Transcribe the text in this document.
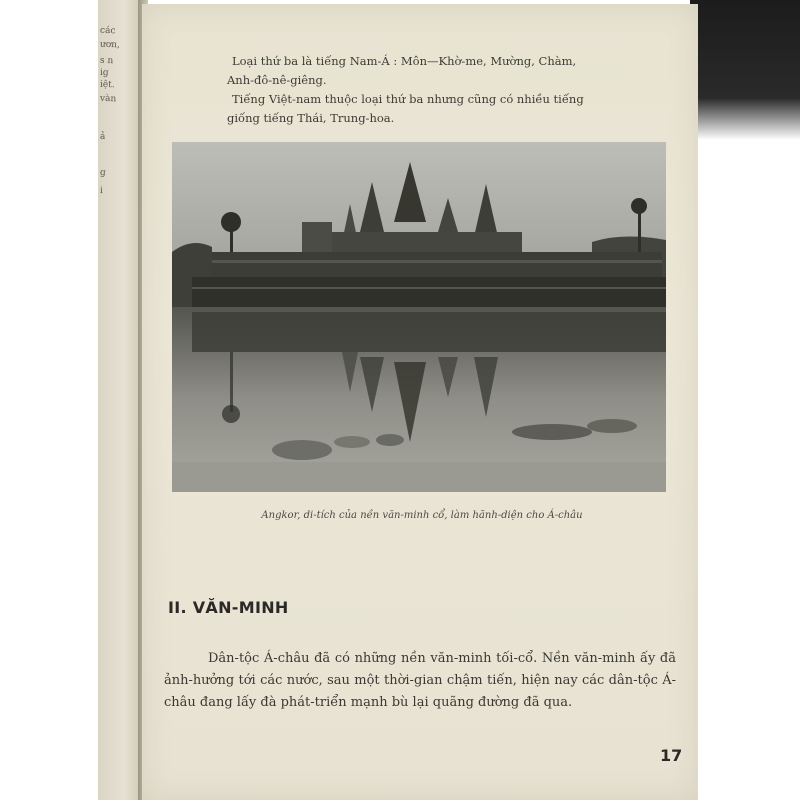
các
ươn,
s n
ig
iệt.
vàn
ả
g
i

Loại thứ ba là tiếng Nam-Á : Môn—Khờ-me, Mường, Chàm,

Anh-đô-nê-giêng.

Tiếng Việt-nam thuộc loại thứ ba nhưng cũng có nhiều tiếng

giống tiếng Thái, Trung-hoa.

Angkor, di-tích của nền văn-minh cổ, làm hãnh-diện cho Á-châu
II. VĂN-MINH

Dân-tộc Á-châu đã có những nền văn-minh tối-cổ. Nền văn-minh ấy đã ảnh-hưởng tới các nước, sau một thời-gian chậm tiến, hiện nay các dân-tộc Á-châu đang lấy đà phát-triển mạnh bù lại quãng đường đã qua.

17
